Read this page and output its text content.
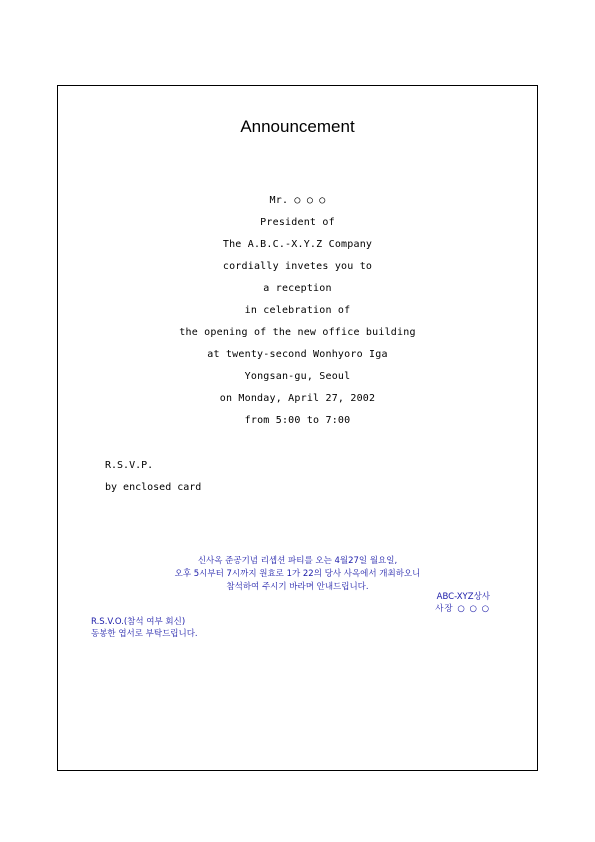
Announcement
Mr. ○ ○ ○
President of
The A.B.C.-X.Y.Z Company
cordially invetes you to
a reception
in celebration of
the opening of the new office building
at twenty-second Wonhyoro Iga
Yongsan-gu, Seoul
on Monday, April 27, 2002
from 5:00 to 7:00
R.S.V.P.
by enclosed card
신사옥 준공기념 리셉션 파티를 오는 4월27일 월요일,
오후 5시부터 7시까지 원효로 1가 22의 당사 사옥에서 개최하오니
참석하여 주시기 바라며 안내드립니다.
ABC-XYZ상사
사장 ○ ○ ○
R.S.V.O.(참석 여부 회신)
동봉한 엽서로 부탁드립니다.
